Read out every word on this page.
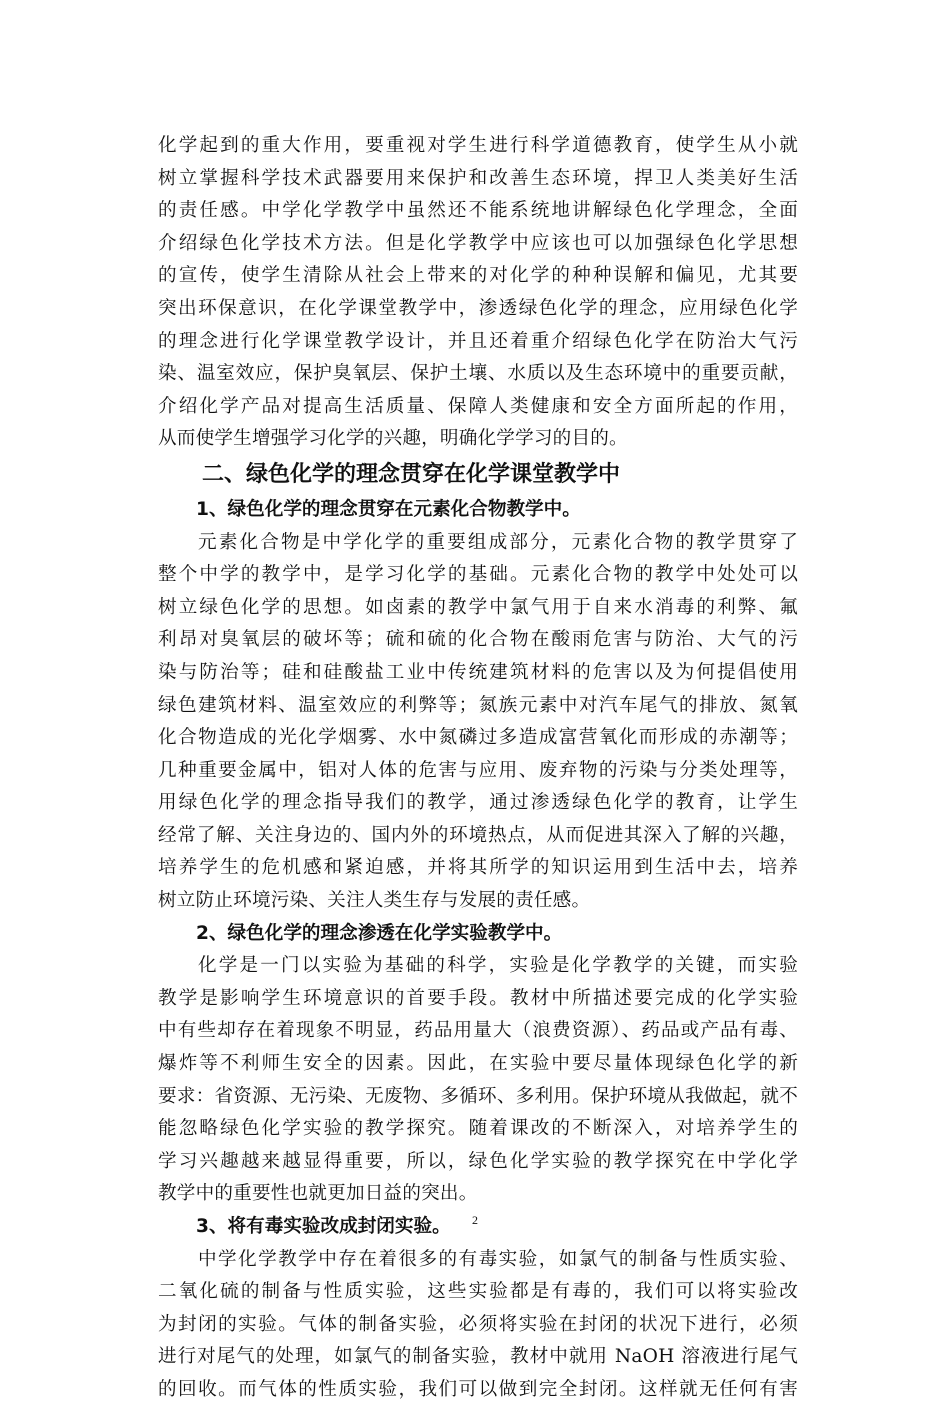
化学起到的重大作用，要重视对学生进行科学道德教育，使学生从小就
树立掌握科学技术武器要用来保护和改善生态环境，捍卫人类美好生活
的责任感。中学化学教学中虽然还不能系统地讲解绿色化学理念，全面
介绍绿色化学技术方法。但是化学教学中应该也可以加强绿色化学思想
的宣传，使学生清除从社会上带来的对化学的种种误解和偏见，尤其要
突出环保意识，在化学课堂教学中，渗透绿色化学的理念，应用绿色化学
的理念进行化学课堂教学设计，并且还着重介绍绿色化学在防治大气污
染、温室效应，保护臭氧层、保护土壤、水质以及生态环境中的重要贡献，
介绍化学产品对提高生活质量、保障人类健康和安全方面所起的作用，
从而使学生增强学习化学的兴趣，明确化学学习的目的。
二、绿色化学的理念贯穿在化学课堂教学中
1、绿色化学的理念贯穿在元素化合物教学中。
元素化合物是中学化学的重要组成部分，元素化合物的教学贯穿了
整个中学的教学中，是学习化学的基础。元素化合物的教学中处处可以
树立绿色化学的思想。如卤素的教学中氯气用于自来水消毒的利弊、氟
利昂对臭氧层的破坏等；硫和硫的化合物在酸雨危害与防治、大气的污
染与防治等；硅和硅酸盐工业中传统建筑材料的危害以及为何提倡使用
绿色建筑材料、温室效应的利弊等；氮族元素中对汽车尾气的排放、氮氧
化合物造成的光化学烟雾、水中氮磷过多造成富营氧化而形成的赤潮等；
几种重要金属中，铝对人体的危害与应用、废弃物的污染与分类处理等，
用绿色化学的理念指导我们的教学，通过渗透绿色化学的教育，让学生
经常了解、关注身边的、国内外的环境热点，从而促进其深入了解的兴趣，
培养学生的危机感和紧迫感，并将其所学的知识运用到生活中去，培养
树立防止环境污染、关注人类生存与发展的责任感。
2、绿色化学的理念渗透在化学实验教学中。
化学是一门以实验为基础的科学，实验是化学教学的关键，而实验
教学是影响学生环境意识的首要手段。教材中所描述要完成的化学实验
中有些却存在着现象不明显，药品用量大（浪费资源）、药品或产品有毒、
爆炸等不利师生安全的因素。因此，在实验中要尽量体现绿色化学的新
要求：省资源、无污染、无废物、多循环、多利用。保护环境从我做起，就不
能忽略绿色化学实验的教学探究。随着课改的不断深入，对培养学生的
学习兴趣越来越显得重要，所以，绿色化学实验的教学探究在中学化学
教学中的重要性也就更加日益的突出。
3、将有毒实验改成封闭实验。
中学化学教学中存在着很多的有毒实验，如氯气的制备与性质实验、
二氧化硫的制备与性质实验，这些实验都是有毒的，我们可以将实验改
为封闭的实验。气体的制备实验，必须将实验在封闭的状况下进行，必须
进行对尾气的处理，如氯气的制备实验，教材中就用 NaOH 溶液进行尾气
的回收。而气体的性质实验，我们可以做到完全封闭。这样就无任何有害
2
